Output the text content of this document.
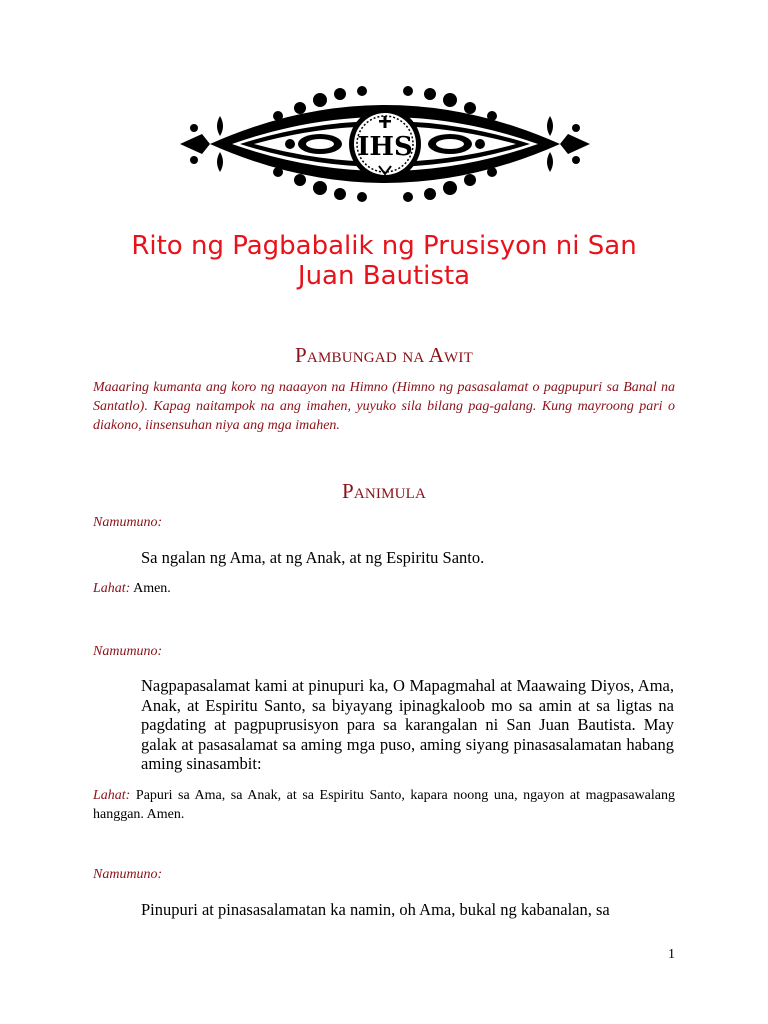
IHS
Rito ng Pagbabalik ng Prusisyon ni San
Juan Bautista
Pambungad na Awit
Maaaring kumanta ang koro ng naaayon na Himno (Himno ng pasasalamat o pagpupuri sa Banal na Santatlo). Kapag naitampok na ang imahen, yuyuko sila bilang pag-galang. Kung mayroong pari o diakono, iinsensuhan niya ang mga imahen.
Panimula
Namumuno:
Sa ngalan ng Ama, at ng Anak, at ng Espiritu Santo.
Lahat: Amen.
Namumuno:
Nagpapasalamat kami at pinupuri ka, O Mapagmahal at Maawaing Diyos, Ama, Anak, at Espiritu Santo, sa biyayang ipinagkaloob mo sa amin at sa ligtas na pagdating at pagpuprusisyon para sa karangalan ni San Juan Bautista. May galak at pasasalamat sa aming mga puso, aming siyang pinasasalamatan habang aming sinasambit:
Lahat: Papuri sa Ama, sa Anak, at sa Espiritu Santo, kapara noong una, ngayon at magpasawalang hanggan. Amen.
Namumuno:
Pinupuri at pinasasalamatan ka namin, oh Ama, bukal ng kabanalan, sa
1
